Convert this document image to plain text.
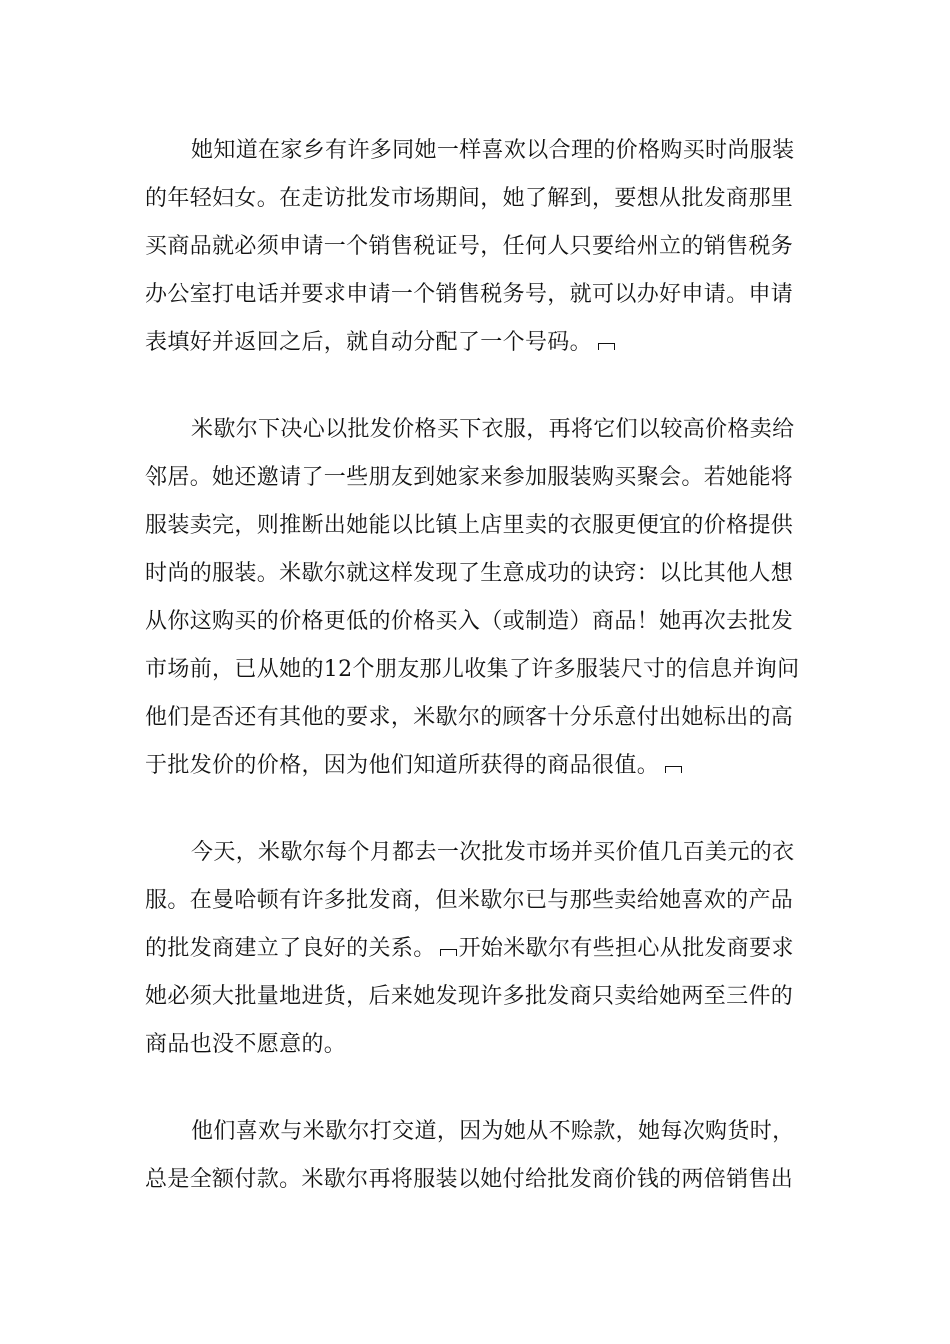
她知道在家乡有许多同她一样喜欢以合理的价格购买时尚服装的年轻妇女。在走访批发市场期间，她了解到，要想从批发商那里买商品就必须申请一个销售税证号，任何人只要给州立的销售税务办公室打电话并要求申请一个销售税务号，就可以办好申请。申请表填好并返回之后，就自动分配了一个号码。

米歇尔下决心以批发价格买下衣服，再将它们以较高价格卖给邻居。她还邀请了一些朋友到她家来参加服装购买聚会。若她能将服装卖完，则推断出她能以比镇上店里卖的衣服更便宜的价格提供时尚的服装。米歇尔就这样发现了生意成功的诀窍：以比其他人想从你这购买的价格更低的价格买入（或制造）商品！她再次去批发市场前，已从她的12个朋友那儿收集了许多服装尺寸的信息并询问他们是否还有其他的要求，米歇尔的顾客十分乐意付出她标出的高于批发价的价格，因为他们知道所获得的商品很值。

今天，米歇尔每个月都去一次批发市场并买价值几百美元的衣服。在曼哈顿有许多批发商，但米歇尔已与那些卖给她喜欢的产品的批发商建立了良好的关系。 开始米歇尔有些担心从批发商要求她必须大批量地进货，后来她发现许多批发商只卖给她两至三件的商品也没不愿意的。

他们喜欢与米歇尔打交道，因为她从不赊款，她每次购货时，总是全额付款。米歇尔再将服装以她付给批发商价钱的两倍销售出
